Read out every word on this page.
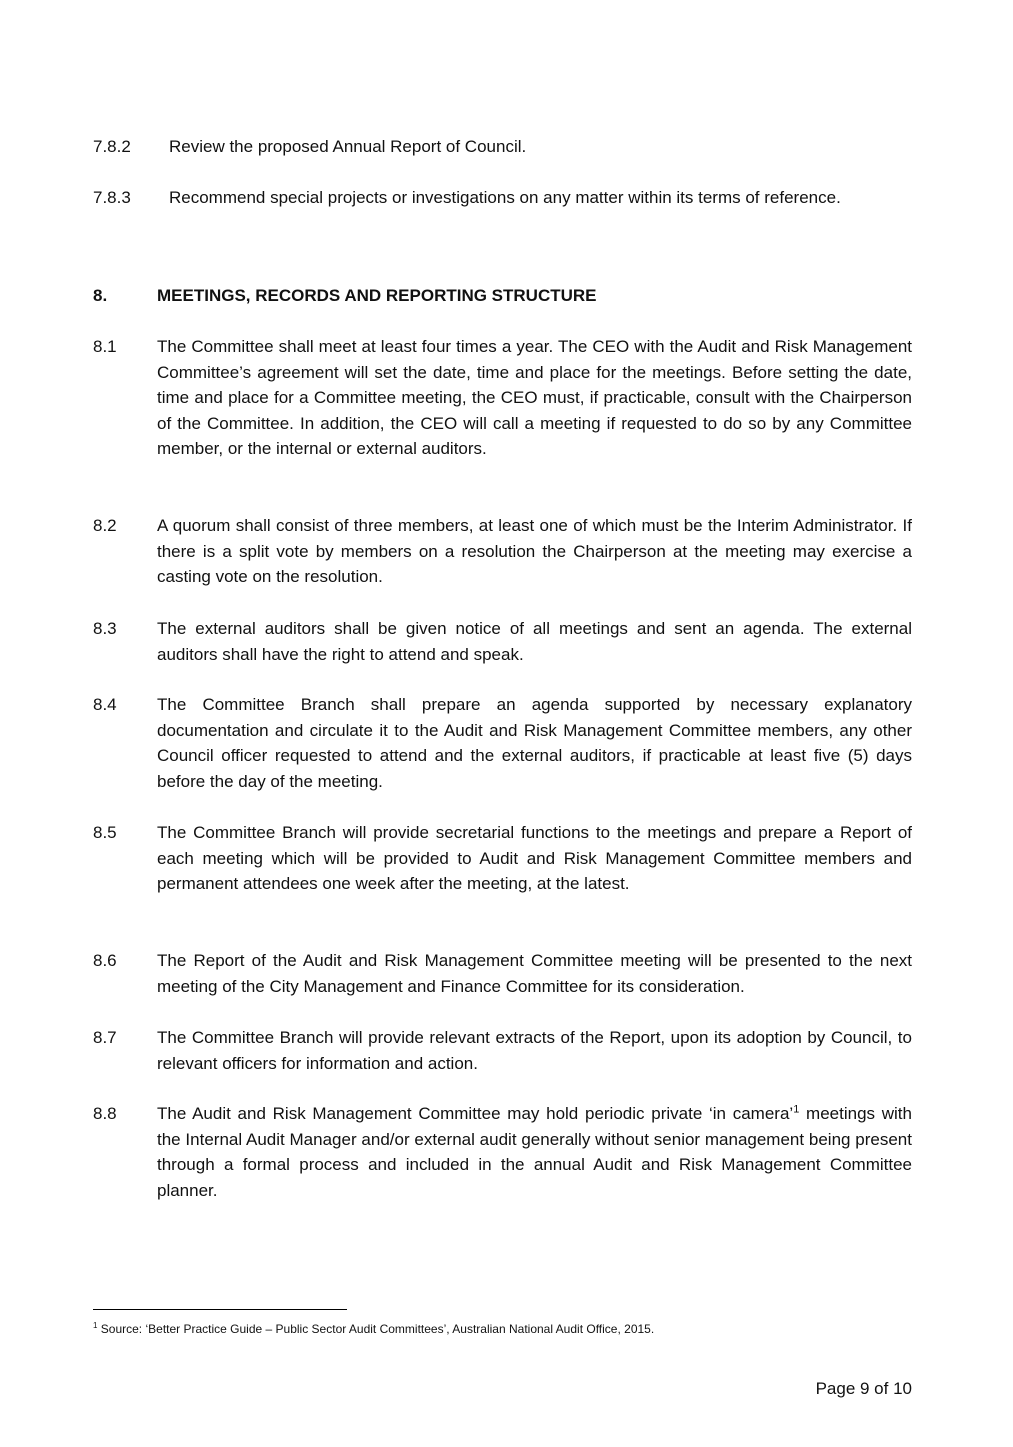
7.8.2 Review the proposed Annual Report of Council.
7.8.3 Recommend special projects or investigations on any matter within its terms of reference.
8.	MEETINGS, RECORDS AND REPORTING STRUCTURE
8.1 The Committee shall meet at least four times a year. The CEO with the Audit and Risk Management Committee’s agreement will set the date, time and place for the meetings. Before setting the date, time and place for a Committee meeting, the CEO must, if practicable, consult with the Chairperson of the Committee. In addition, the CEO will call a meeting if requested to do so by any Committee member, or the internal or external auditors.
8.2 A quorum shall consist of three members, at least one of which must be the Interim Administrator. If there is a split vote by members on a resolution the Chairperson at the meeting may exercise a casting vote on the resolution.
8.3 The external auditors shall be given notice of all meetings and sent an agenda. The external auditors shall have the right to attend and speak.
8.4 The Committee Branch shall prepare an agenda supported by necessary explanatory documentation and circulate it to the Audit and Risk Management Committee members, any other Council officer requested to attend and the external auditors, if practicable at least five (5) days before the day of the meeting.
8.5 The Committee Branch will provide secretarial functions to the meetings and prepare a Report of each meeting which will be provided to Audit and Risk Management Committee members and permanent attendees one week after the meeting, at the latest.
8.6 The Report of the Audit and Risk Management Committee meeting will be presented to the next meeting of the City Management and Finance Committee for its consideration.
8.7 The Committee Branch will provide relevant extracts of the Report, upon its adoption by Council, to relevant officers for information and action.
8.8 The Audit and Risk Management Committee may hold periodic private ‘in camera’$^1$ meetings with the Internal Audit Manager and/or external audit generally without senior management being present through a formal process and included in the annual Audit and Risk Management Committee planner.
$^1$ Source: ‘Better Practice Guide – Public Sector Audit Committees’, Australian National Audit Office, 2015.
Page 9 of 10
